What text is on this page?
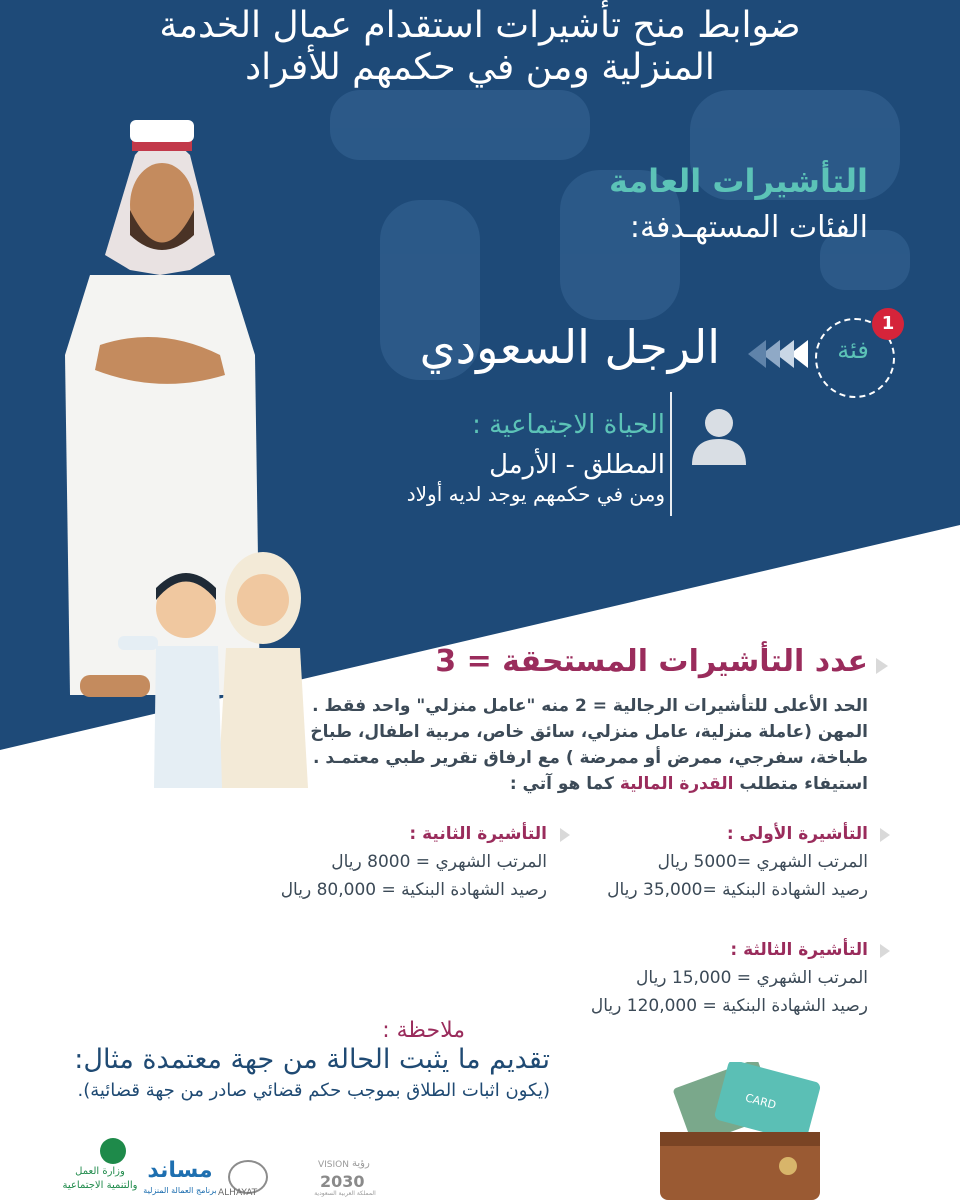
ضوابط منح تأشيرات استقدام عمال الخدمة
المنزلية ومن في حكمهم للأفراد
التأشيرات العامة
الفئات المستهـدفة:
فئة
1
الرجل السعودي
الحياة الاجتماعية :
المطلق - الأرمل
ومن في حكمهم يوجد لديه أولاد
عدد التأشيرات المستحقة = 3
الحد الأعلى للتأشيرات الرجالية = 2 منه "عامل منزلي" واحد فقط .
المهن (عاملة منزلية، عامل منزلي، سائق خاص، مربية اطفال، طباخ
طباخة، سفرجي، ممرض أو ممرضة ) مع ارفاق تقرير طبي معتمـد .
استيفاء متطلب القدرة المالية كما هو آتي :
التأشيرة الأولى :
المرتب الشهري =5000 ريال
رصيد الشهادة البنكية =35,000 ريال
التأشيرة الثانية :
المرتب الشهري = 8000 ريال
رصيد الشهادة البنكية = 80,000 ريال
التأشيرة الثالثة :
المرتب الشهري = 15,000 ريال
رصيد الشهادة البنكية = 120,000 ريال
ملاحظة :
تقديم ما يثبت الحالة من جهة معتمدة مثال:
(يكون اثبات الطلاق بموجب حكم قضائي صادر من جهة قضائية).
CARD
وزارة العمل
والتنمية الاجتماعية
مساند
برنامج العمالة المنزلية ALHAYAT
VISION رؤية
2030
المملكة العربية السعودية
